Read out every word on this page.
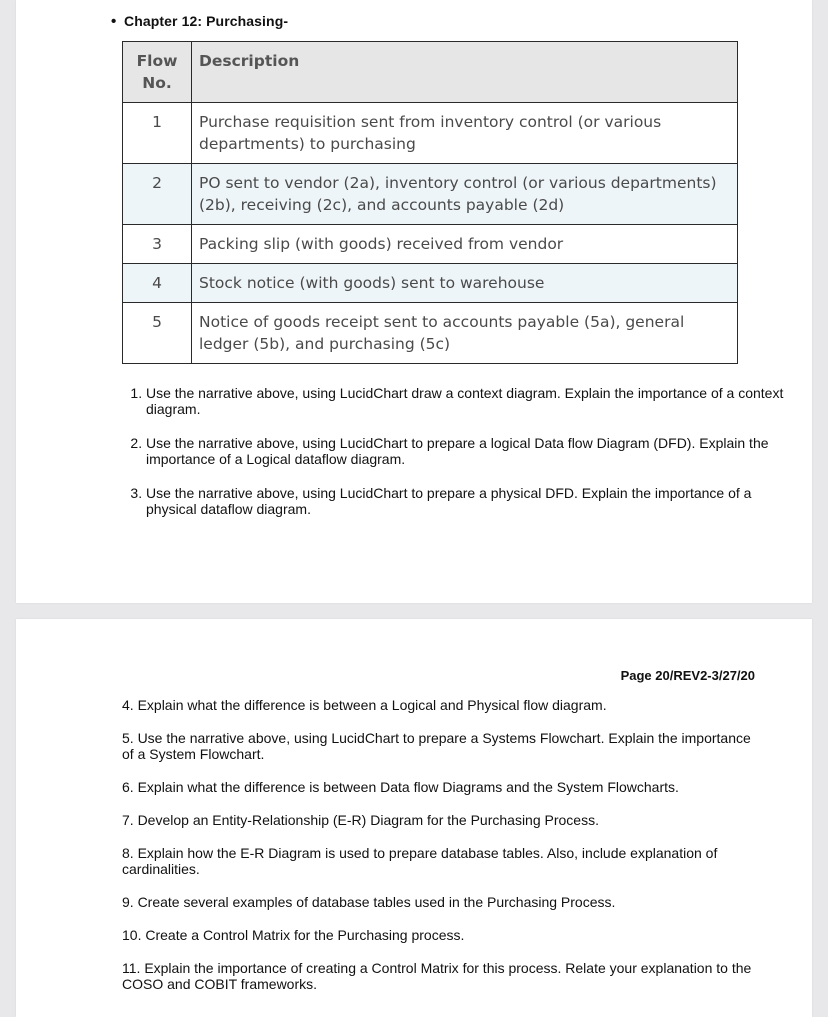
• Chapter 12: Purchasing-
Flow No.	Description
1	Purchase requisition sent from inventory control (or various departments) to purchasing
2	PO sent to vendor (2a), inventory control (or various departments) (2b), receiving (2c), and accounts payable (2d)
3	Packing slip (with goods) received from vendor
4	Stock notice (with goods) sent to warehouse
5	Notice of goods receipt sent to accounts payable (5a), general ledger (5b), and purchasing (5c)
1. Use the narrative above, using LucidChart draw a context diagram. Explain the importance of a context diagram.
2. Use the narrative above, using LucidChart to prepare a logical Data flow Diagram (DFD). Explain the importance of a Logical dataflow diagram.
3. Use the narrative above, using LucidChart to prepare a physical DFD. Explain the importance of a physical dataflow diagram.
Page 20/REV2-3/27/20
4. Explain what the difference is between a Logical and Physical flow diagram.
5. Use the narrative above, using LucidChart to prepare a Systems Flowchart. Explain the importance of a System Flowchart.
6. Explain what the difference is between Data flow Diagrams and the System Flowcharts.
7. Develop an Entity-Relationship (E-R) Diagram for the Purchasing Process.
8. Explain how the E-R Diagram is used to prepare database tables. Also, include explanation of cardinalities.
9. Create several examples of database tables used in the Purchasing Process.
10. Create a Control Matrix for the Purchasing process.
11. Explain the importance of creating a Control Matrix for this process. Relate your explanation to the COSO and COBIT frameworks.
